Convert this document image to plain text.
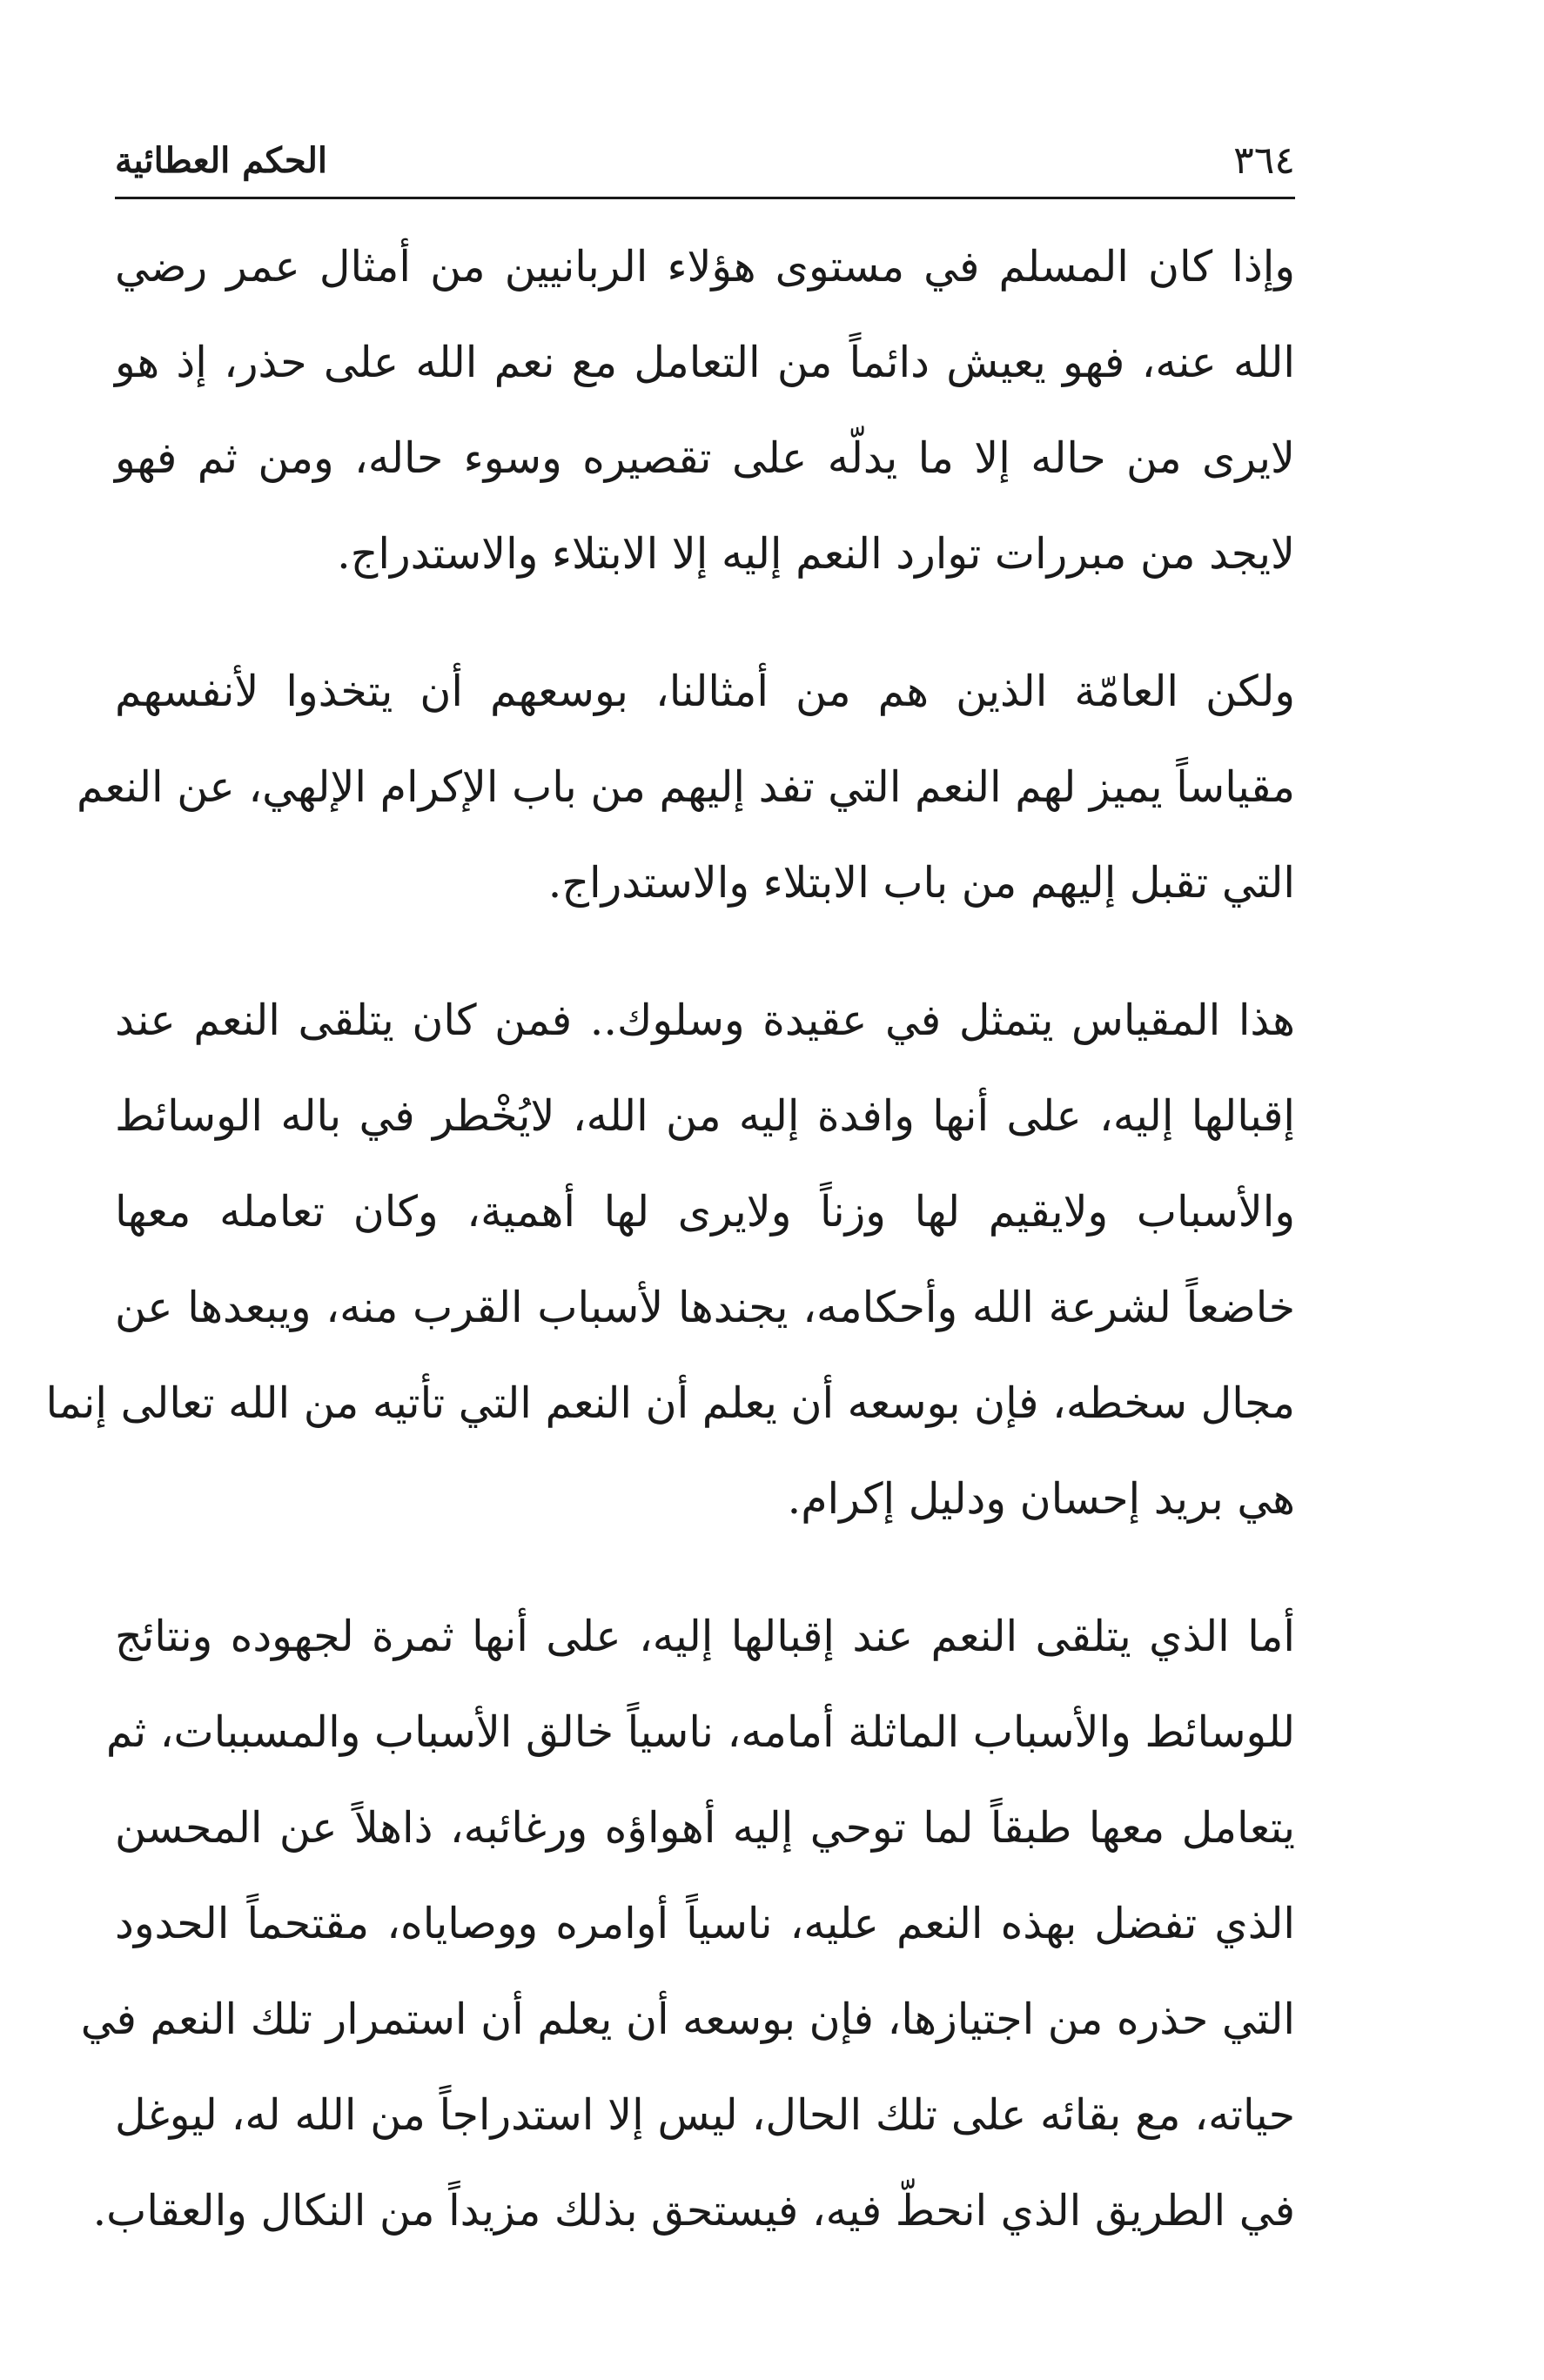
٣٦٤
الحكم العطائية
وإذا كان المسلم في مستوى هؤلاء الربانيين من أمثال عمر رضي
الله عنه، فهو يعيش دائماً من التعامل مع نعم الله على حذر، إذ هو
لايرى من حاله إلا ما يدلّه على تقصيره وسوء حاله، ومن ثم فهو
لايجد من مبررات توارد النعم إليه إلا الابتلاء والاستدراج.
ولكن العامّة الذين هم من أمثالنا، بوسعهم أن يتخذوا لأنفسهم
مقياساً يميز لهم النعم التي تفد إليهم من باب الإكرام الإلهي، عن النعم
التي تقبل إليهم من باب الابتلاء والاستدراج.
هذا المقياس يتمثل في عقيدة وسلوك.. فمن كان يتلقى النعم عند
إقبالها إليه، على أنها وافدة إليه من الله، لايُخْطر في باله الوسائط
والأسباب ولايقيم لها وزناً ولايرى لها أهمية، وكان تعامله معها
خاضعاً لشرعة الله وأحكامه، يجندها لأسباب القرب منه، ويبعدها عن
مجال سخطه، فإن بوسعه أن يعلم أن النعم التي تأتيه من الله تعالى إنما
هي بريد إحسان ودليل إكرام.
أما الذي يتلقى النعم عند إقبالها إليه، على أنها ثمرة لجهوده ونتائج
للوسائط والأسباب الماثلة أمامه، ناسياً خالق الأسباب والمسببات، ثم
يتعامل معها طبقاً لما توحي إليه أهواؤه ورغائبه، ذاهلاً عن المحسن
الذي تفضل بهذه النعم عليه، ناسياً أوامره ووصاياه، مقتحماً الحدود
التي حذره من اجتيازها، فإن بوسعه أن يعلم أن استمرار تلك النعم في
حياته، مع بقائه على تلك الحال، ليس إلا استدراجاً من الله له، ليوغل
في الطريق الذي انحطّ فيه، فيستحق بذلك مزيداً من النكال والعقاب.
